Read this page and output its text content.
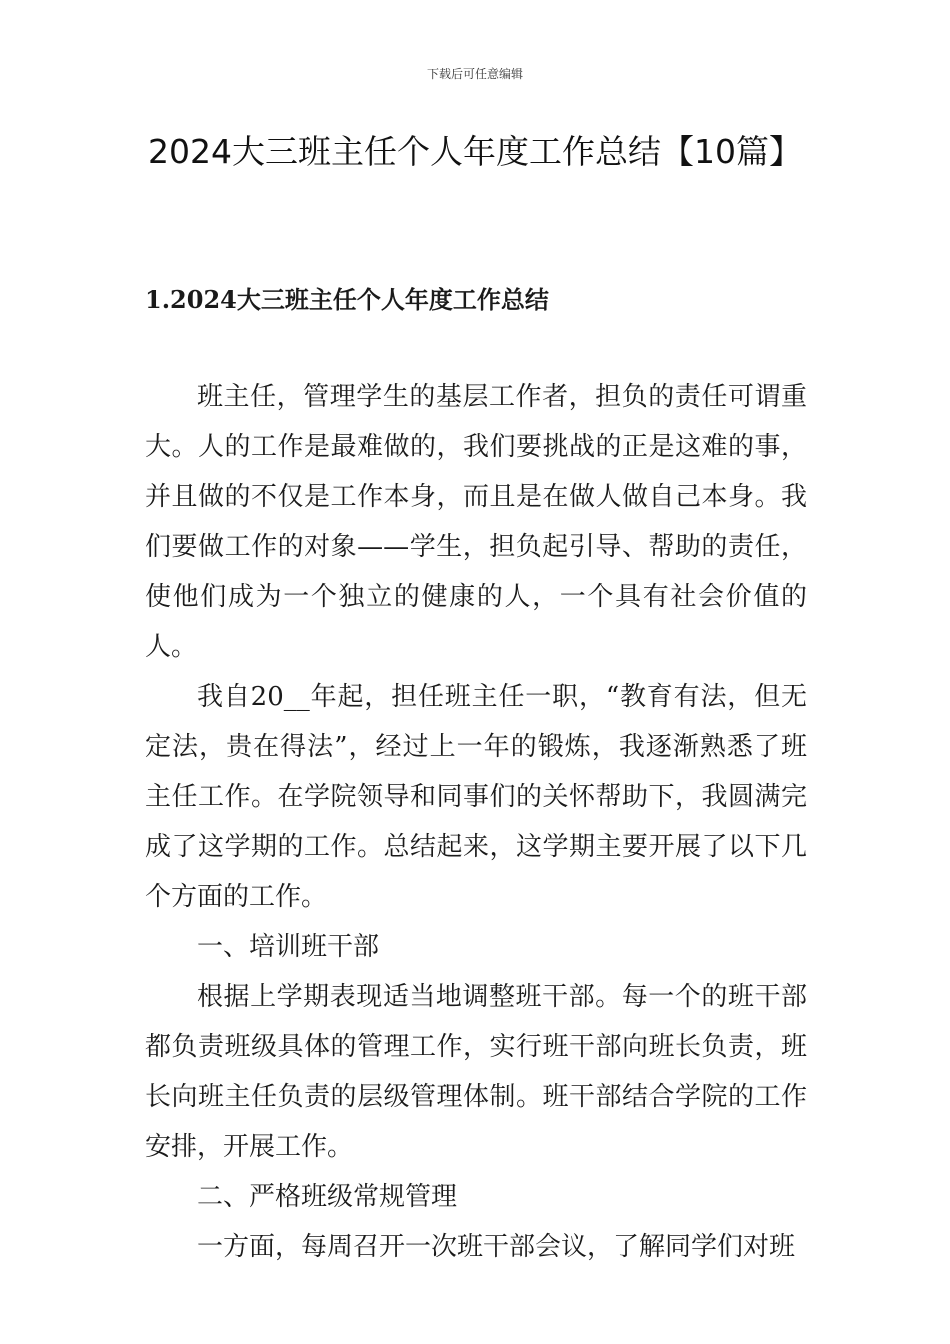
下载后可任意编辑
2024大三班主任个人年度工作总结【10篇】
1.2024大三班主任个人年度工作总结

班主任，管理学生的基层工作者，担负的责任可谓重大。人的工作是最难做的，我们要挑战的正是这难的事，并且做的不仅是工作本身，而且是在做人做自己本身。我们要做工作的对象——学生，担负起引导、帮助的责任，使他们成为一个独立的健康的人，一个具有社会价值的人。

我自20__年起，担任班主任一职，“教育有法，但无定法，贵在得法”，经过上一年的锻炼，我逐渐熟悉了班主任工作。在学院领导和同事们的关怀帮助下，我圆满完成了这学期的工作。总结起来，这学期主要开展了以下几个方面的工作。

一、培训班干部

根据上学期表现适当地调整班干部。每一个的班干部都负责班级具体的管理工作，实行班干部向班长负责，班长向班主任负责的层级管理体制。班干部结合学院的工作安排，开展工作。

二、严格班级常规管理

一方面，每周召开一次班干部会议，了解同学们对班
